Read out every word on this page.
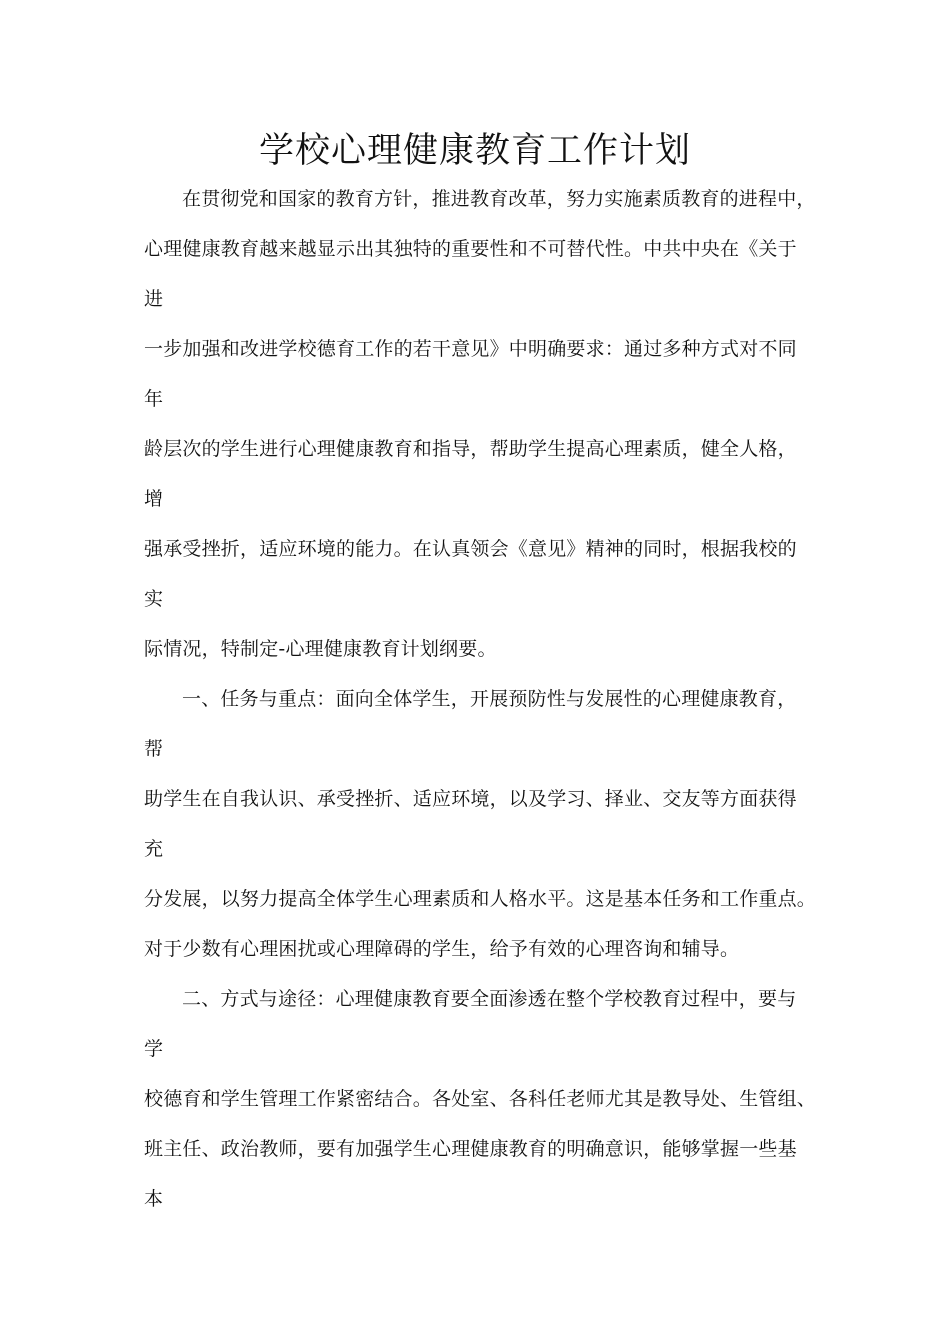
学校心理健康教育工作计划

在贯彻党和国家的教育方针，推进教育改革，努力实施素质教育的进程中，

心理健康教育越来越显示出其独特的重要性和不可替代性。中共中央在《关于

进

一步加强和改进学校德育工作的若干意见》中明确要求：通过多种方式对不同

年

龄层次的学生进行心理健康教育和指导，帮助学生提高心理素质，健全人格，

增

强承受挫折，适应环境的能力。在认真领会《意见》精神的同时，根据我校的

实

际情况，特制定-心理健康教育计划纲要。

一、任务与重点：面向全体学生，开展预防性与发展性的心理健康教育，

帮

助学生在自我认识、承受挫折、适应环境，以及学习、择业、交友等方面获得

充

分发展，以努力提高全体学生心理素质和人格水平。这是基本任务和工作重点。

对于少数有心理困扰或心理障碍的学生，给予有效的心理咨询和辅导。

二、方式与途径：心理健康教育要全面渗透在整个学校教育过程中，要与

学

校德育和学生管理工作紧密结合。各处室、各科任老师尤其是教导处、生管组、

班主任、政治教师，要有加强学生心理健康教育的明确意识，能够掌握一些基

本
